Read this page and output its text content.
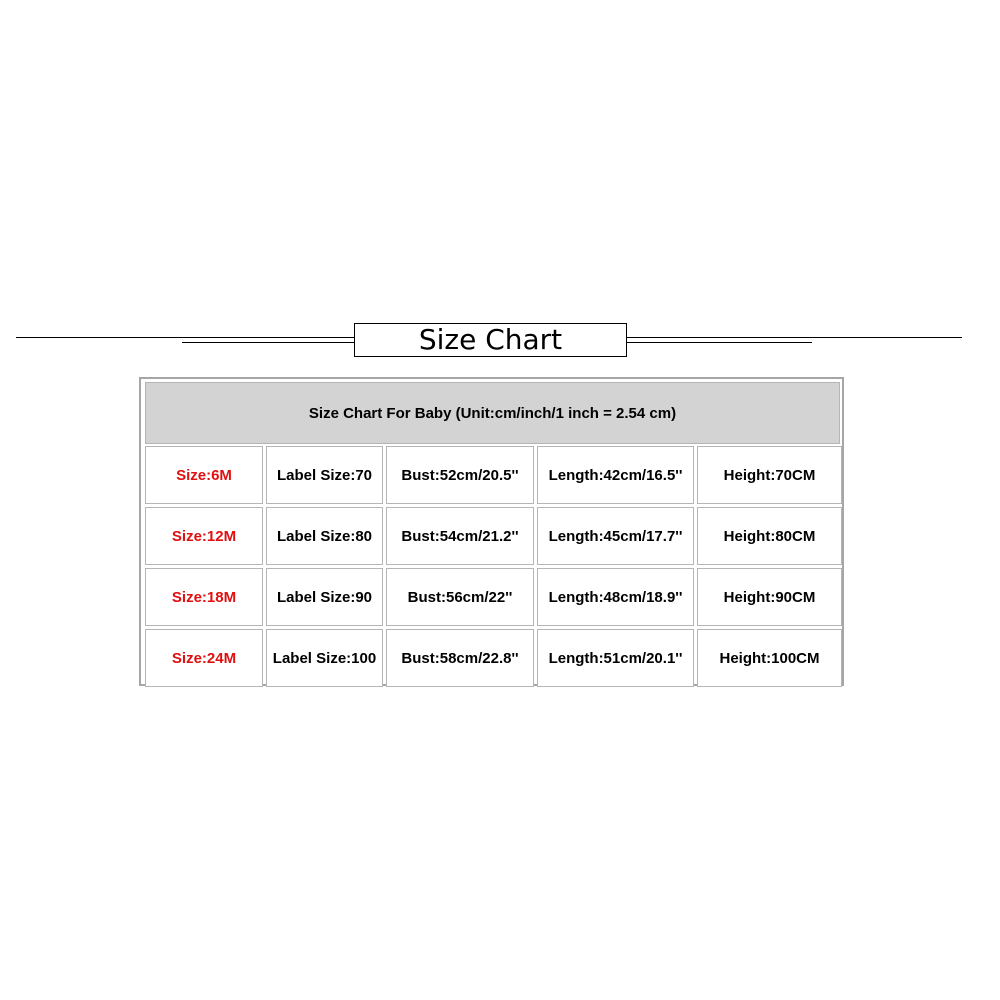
Size Chart
Size Chart For Baby (Unit:cm/inch/1 inch = 2.54 cm)
Size:6M	Label Size:70	Bust:52cm/20.5''	Length:42cm/16.5''	Height:70CM
Size:12M	Label Size:80	Bust:54cm/21.2''	Length:45cm/17.7''	Height:80CM
Size:18M	Label Size:90	Bust:56cm/22''	Length:48cm/18.9''	Height:90CM
Size:24M	Label Size:100	Bust:58cm/22.8''	Length:51cm/20.1''	Height:100CM
